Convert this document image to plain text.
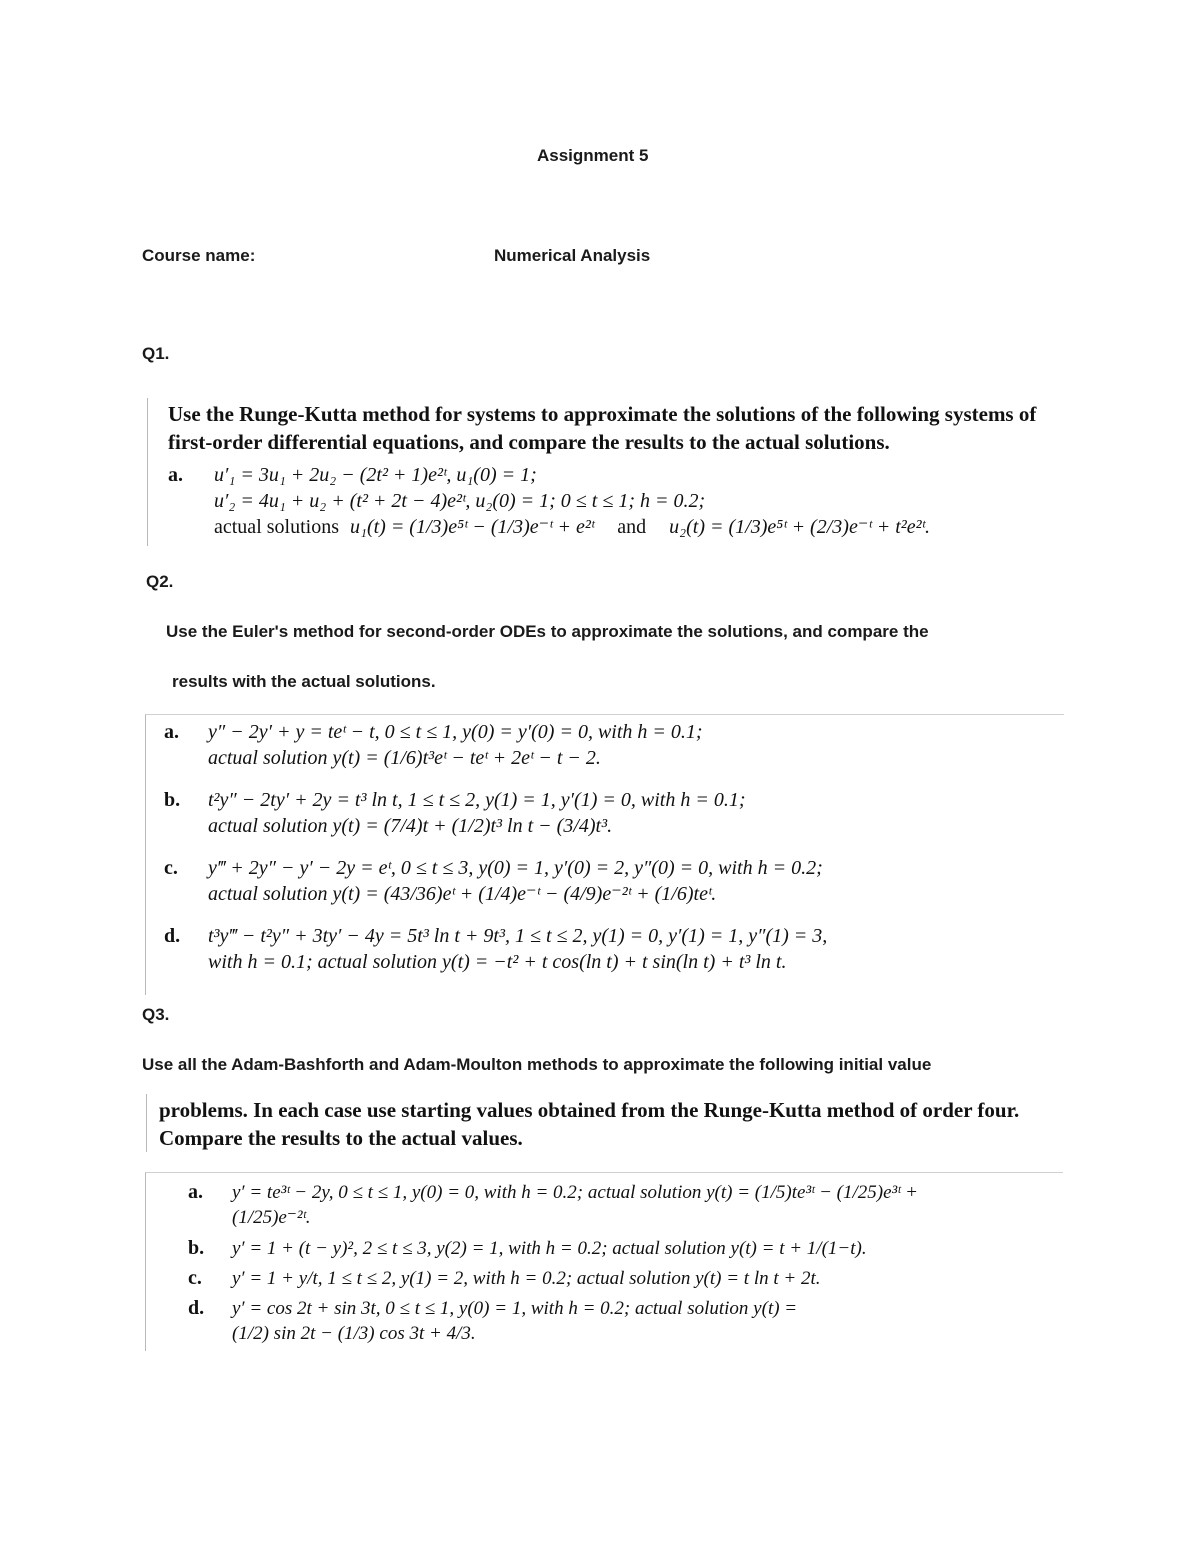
Assignment 5
Course name:	Numerical Analysis
Q1.
Use the Runge-Kutta method for systems to approximate the solutions of the following systems of
first-order differential equations, and compare the results to the actual solutions.
a. u′₁ = 3u₁ + 2u₂ − (2t² + 1)e²ᵗ, u₁(0) = 1;
u′₂ = 4u₁ + u₂ + (t² + 2t − 4)e²ᵗ, u₂(0) = 1; 0 ≤ t ≤ 1; h = 0.2;
actual solutions u₁(t) = (1/3)e⁵ᵗ − (1/3)e⁻ᵗ + e²ᵗ and u₂(t) = (1/3)e⁵ᵗ + (2/3)e⁻ᵗ + t²e²ᵗ.
Q2.
Use the Euler's method for second-order ODEs to approximate the solutions, and compare the
results with the actual solutions.
a. y″ − 2y′ + y = teᵗ − t, 0 ≤ t ≤ 1, y(0) = y′(0) = 0, with h = 0.1;
actual solution y(t) = (1/6)t³eᵗ − teᵗ + 2eᵗ − t − 2.
b. t²y″ − 2ty′ + 2y = t³ ln t, 1 ≤ t ≤ 2, y(1) = 1, y′(1) = 0, with h = 0.1;
actual solution y(t) = (7/4)t + (1/2)t³ ln t − (3/4)t³.
c. y‴ + 2y″ − y′ − 2y = eᵗ, 0 ≤ t ≤ 3, y(0) = 1, y′(0) = 2, y″(0) = 0, with h = 0.2;
actual solution y(t) = (43/36)eᵗ + (1/4)e⁻ᵗ − (4/9)e⁻²ᵗ + (1/6)teᵗ.
d. t³y‴ − t²y″ + 3ty′ − 4y = 5t³ ln t + 9t³, 1 ≤ t ≤ 2, y(1) = 0, y′(1) = 1, y″(1) = 3,
with h = 0.1; actual solution y(t) = −t² + t cos(ln t) + t sin(ln t) + t³ ln t.
Q3.
Use all the Adam-Bashforth and Adam-Moulton methods to approximate the following initial value
problems. In each case use starting values obtained from the Runge-Kutta method of order four.
Compare the results to the actual values.
a. y′ = te³ᵗ − 2y, 0 ≤ t ≤ 1, y(0) = 0, with h = 0.2; actual solution y(t) = (1/5)te³ᵗ − (1/25)e³ᵗ +
(1/25)e⁻²ᵗ.
b. y′ = 1 + (t − y)², 2 ≤ t ≤ 3, y(2) = 1, with h = 0.2; actual solution y(t) = t + 1/(1−t).
c. y′ = 1 + y/t, 1 ≤ t ≤ 2, y(1) = 2, with h = 0.2; actual solution y(t) = t ln t + 2t.
d. y′ = cos 2t + sin 3t, 0 ≤ t ≤ 1, y(0) = 1, with h = 0.2; actual solution y(t) =
(1/2) sin 2t − (1/3) cos 3t + 4/3.
